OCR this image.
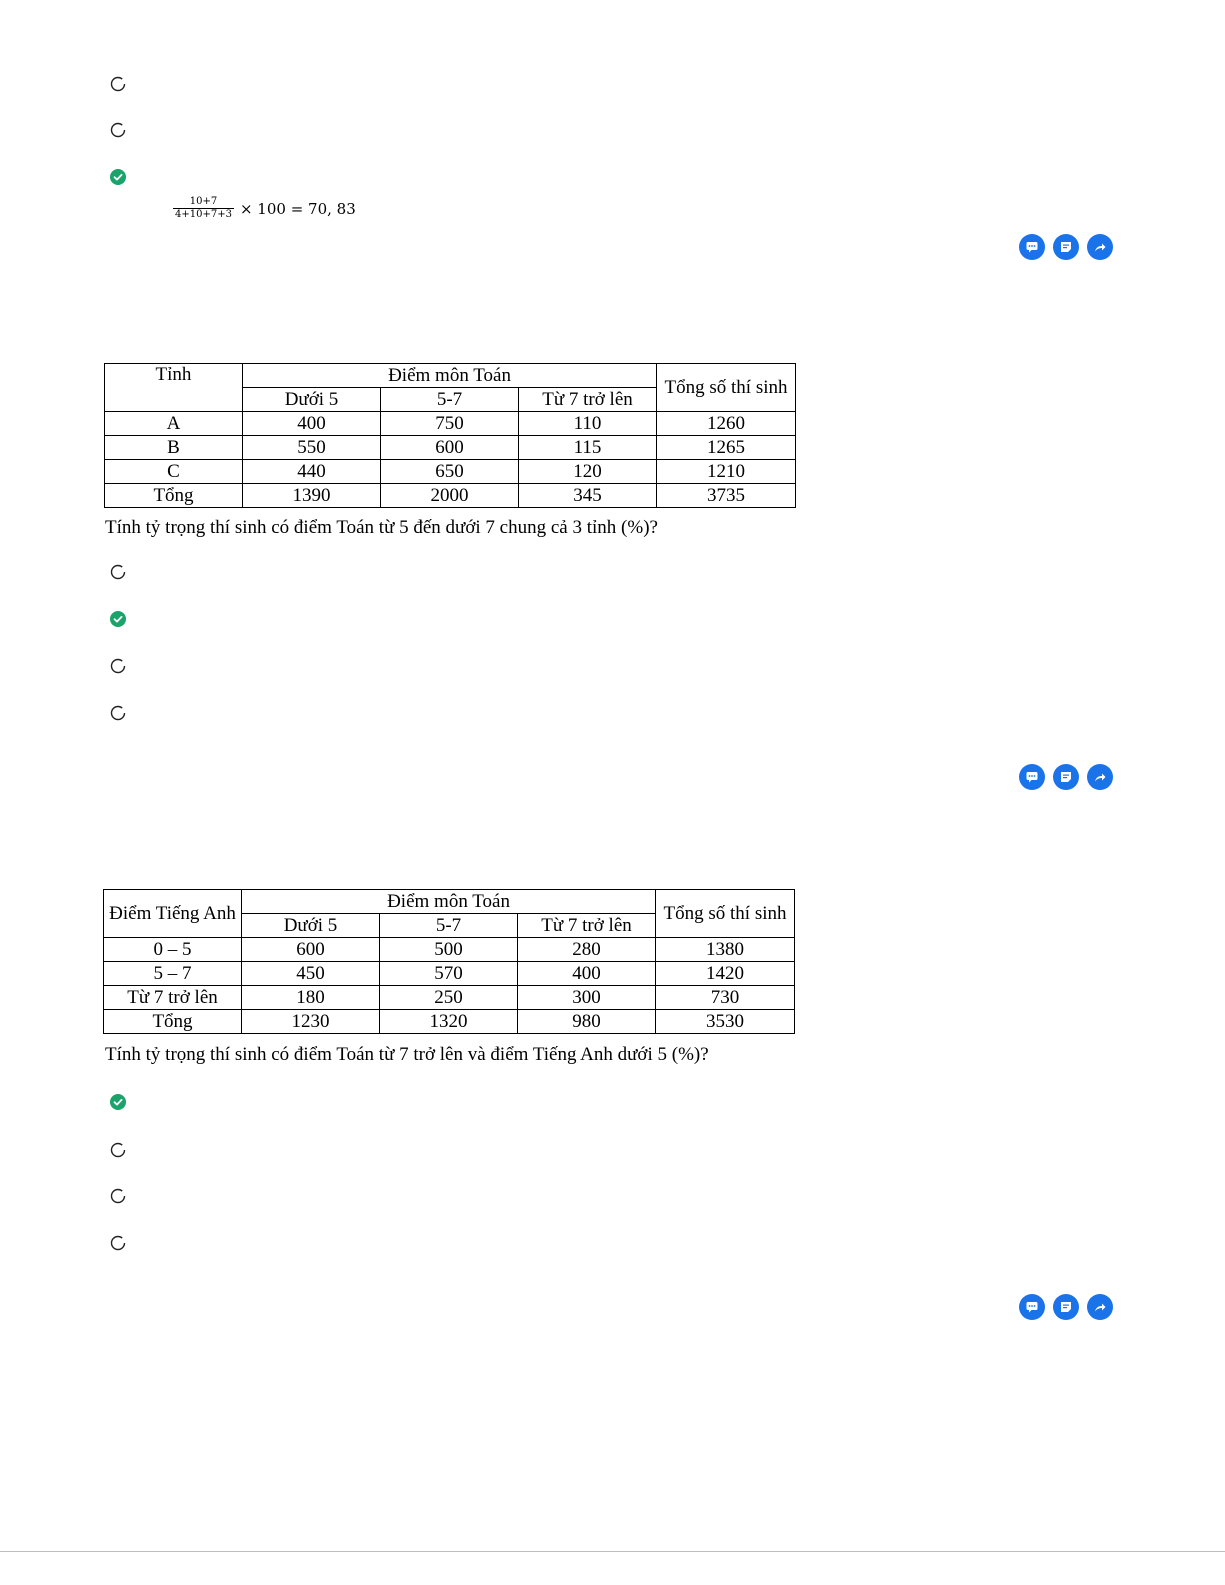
$\frac{10+7}{4+10+7+3} \times 100 = 70$, 83
Tỉnh	Điểm môn Toán			Tổng số thí sinh
	Dưới 5	5-7	Từ 7 trở lên	
A	400	750	110	1260
B	550	600	115	1265
C	440	650	120	1210
Tổng	1390	2000	345	3735
Tính tỷ trọng thí sinh có điểm Toán từ 5 đến dưới 7 chung cả 3 tỉnh (%)?
Điểm Tiếng Anh	Điểm môn Toán			Tổng số thí sinh
	Dưới 5	5-7	Từ 7 trở lên	
0 – 5	600	500	280	1380
5 – 7	450	570	400	1420
Từ 7 trở lên	180	250	300	730
Tổng	1230	1320	980	3530
Tính tỷ trọng thí sinh có điểm Toán từ 7 trở lên và điểm Tiếng Anh dưới 5 (%)?
